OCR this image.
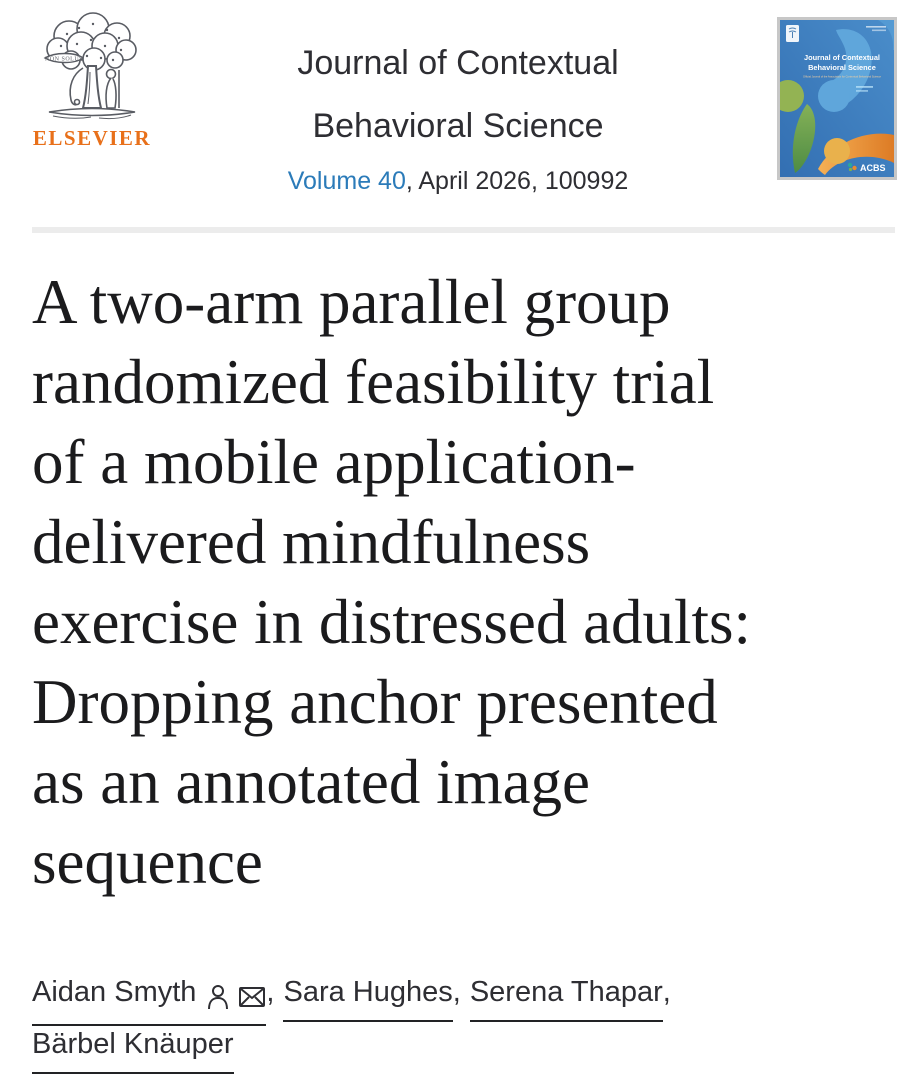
NON SOLUS
ELSEVIER
Journal of Contextual
Behavioral Science
Volume 40, April 2026, 100992
Journal of Contextual
Behavioral Science
Official Journal of the Association for Contextual Behavioral Science
ACBS
A two-arm parallel group
randomized feasibility trial
of a mobile application-
delivered mindfulness
exercise in distressed adults:
Dropping anchor presented
as an annotated image
sequence
Aidan Smyth , Sara Hughes, Serena Thapar,
Bärbel Knäuper
